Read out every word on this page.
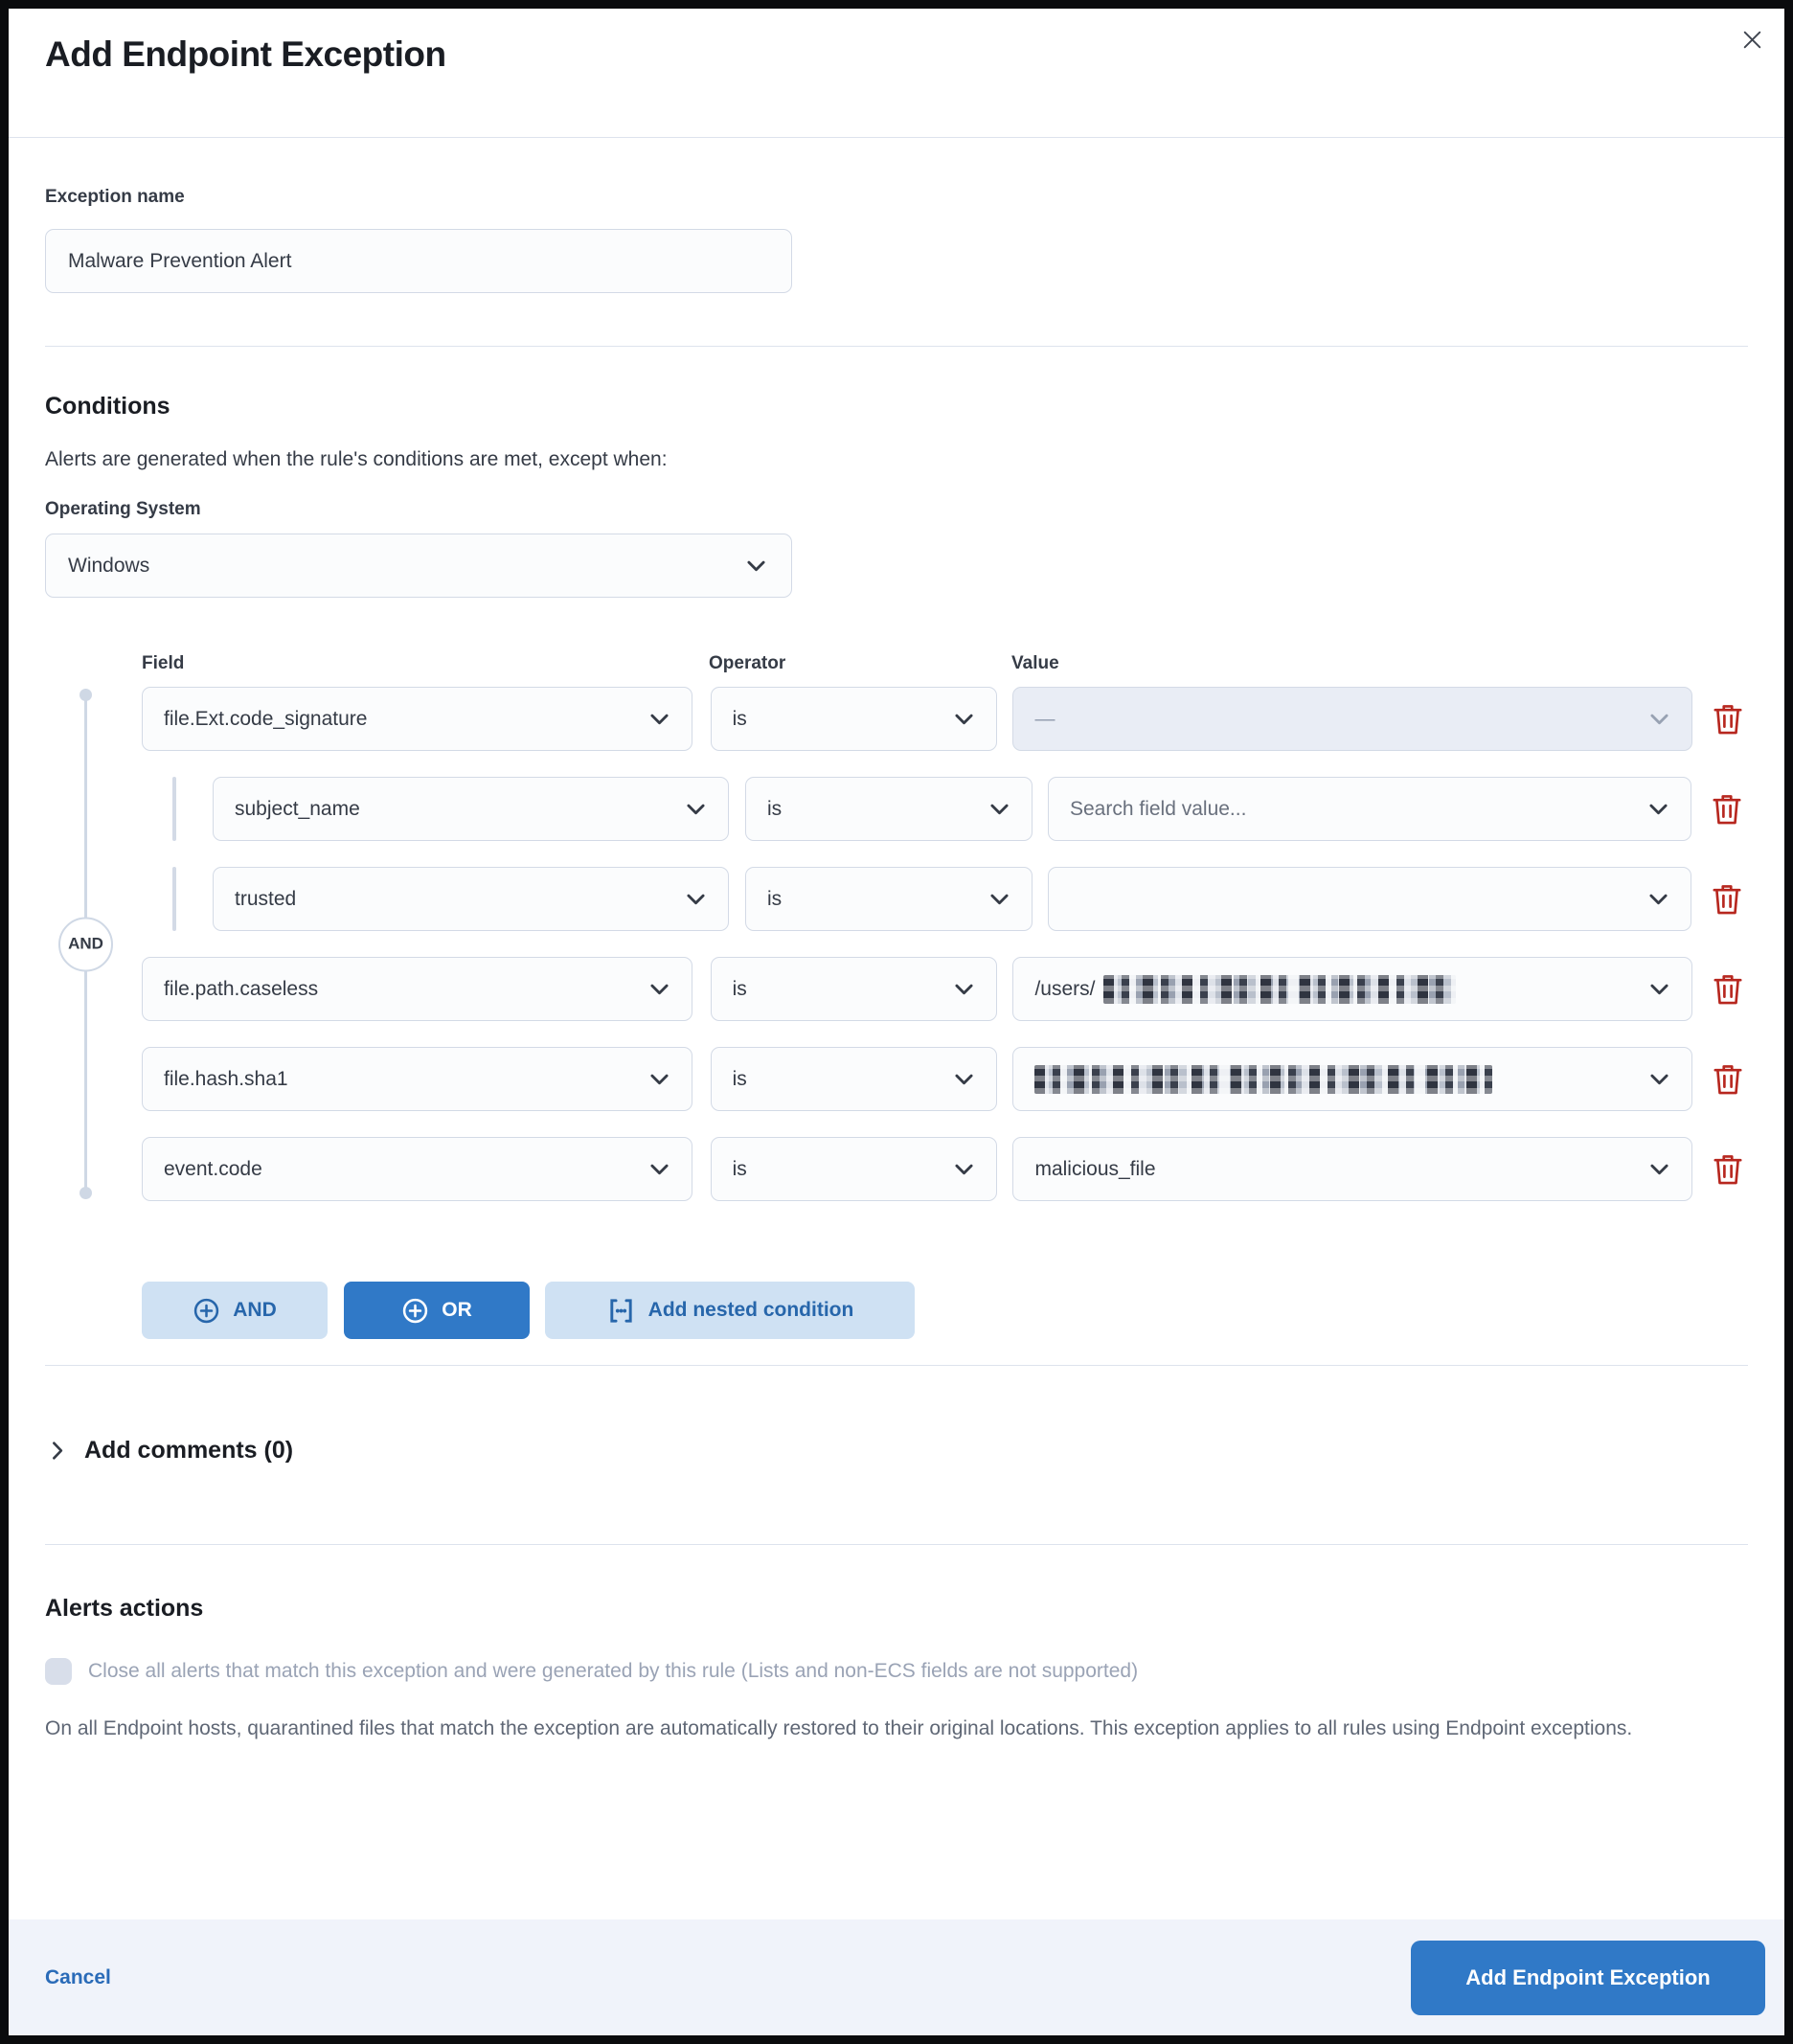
Add Endpoint Exception
Exception name
Malware Prevention Alert
Conditions
Alerts are generated when the rule's conditions are met, except when:
Operating System
Windows
Field	Operator	Value
AND
file.Ext.code_signature	is	—
subject_name	is	Search field value...
trusted	is
file.path.caseless	is	/users/
file.hash.sha1	is
event.code	is	malicious_file
AND	OR	Add nested condition
Add comments (0)
Alerts actions
Close all alerts that match this exception and were generated by this rule (Lists and non-ECS fields are not supported)
On all Endpoint hosts, quarantined files that match the exception are automatically restored to their original locations. This exception applies to all rules using Endpoint exceptions.
Cancel	Add Endpoint Exception
